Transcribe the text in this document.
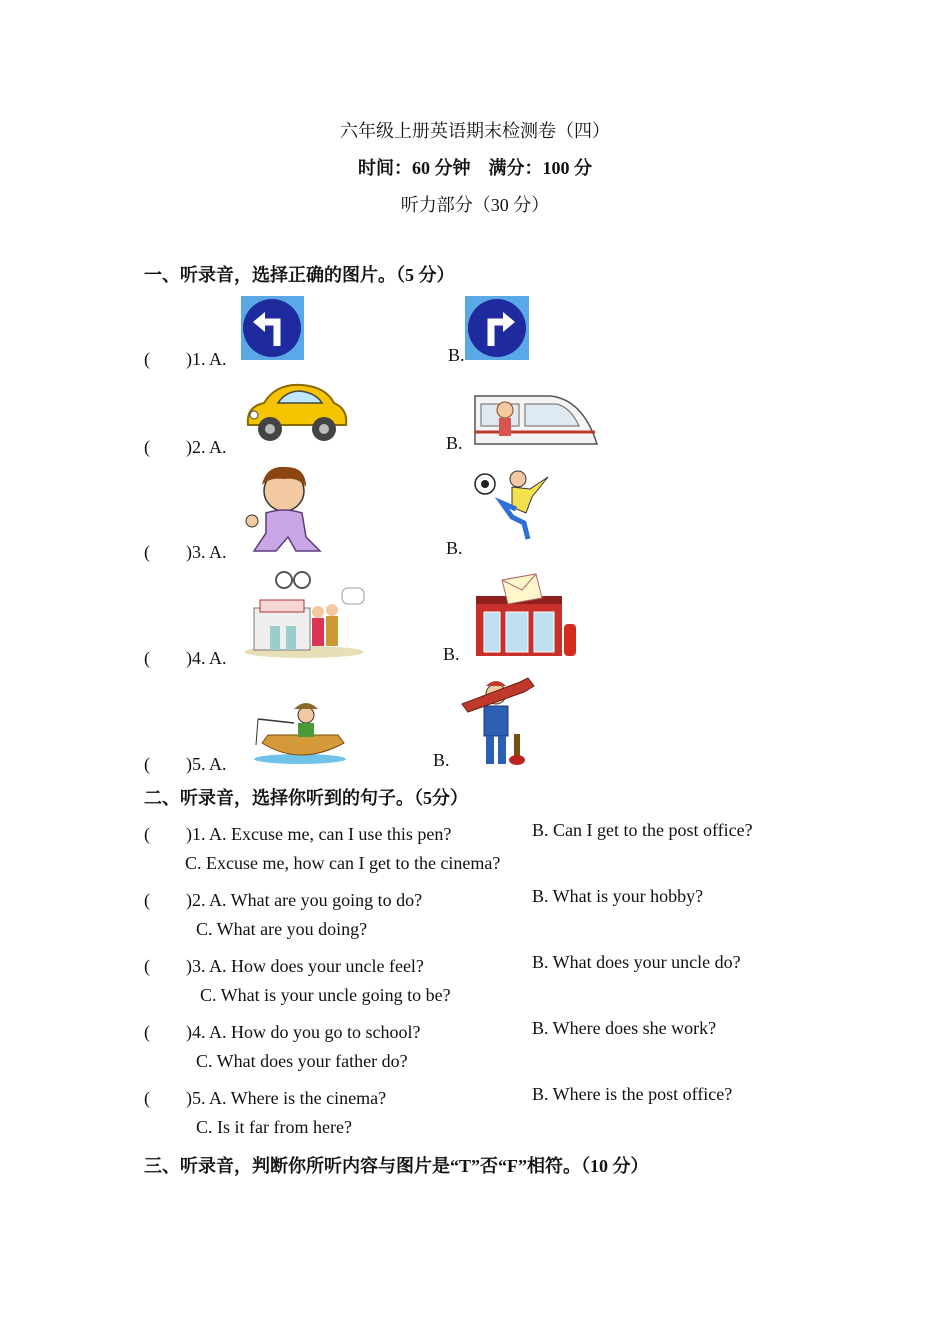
六年级上册英语期末检测卷（四）
时间：60 分钟　满分：100 分
听力部分（30 分）
一、听录音，选择正确的图片。（5 分）
(　　)1. A.	B.
(　　)2. A.	B.
(　　)3. A.	B.
(　　)4. A.	B.
(　　)5. A.	B.
二、听录音，选择你听到的句子。（5分）
(　　)1. A. Excuse me, can I use this pen?	B. Can I get to the post office?
C. Excuse me, how can I get to the cinema?
(　　)2. A. What are you going to do?	B. What is your hobby?
C. What are you doing?
(　　)3. A. How does your uncle feel?	B. What does your uncle do?
C. What is your uncle going to be?
(　　)4. A. How do you go to school?	B. Where does she work?
C. What does your father do?
(　　)5. A. Where is the cinema?	B. Where is the post office?
C. Is it far from here?
三、听录音，判断你所听内容与图片是“T”否“F”相符。（10 分）
